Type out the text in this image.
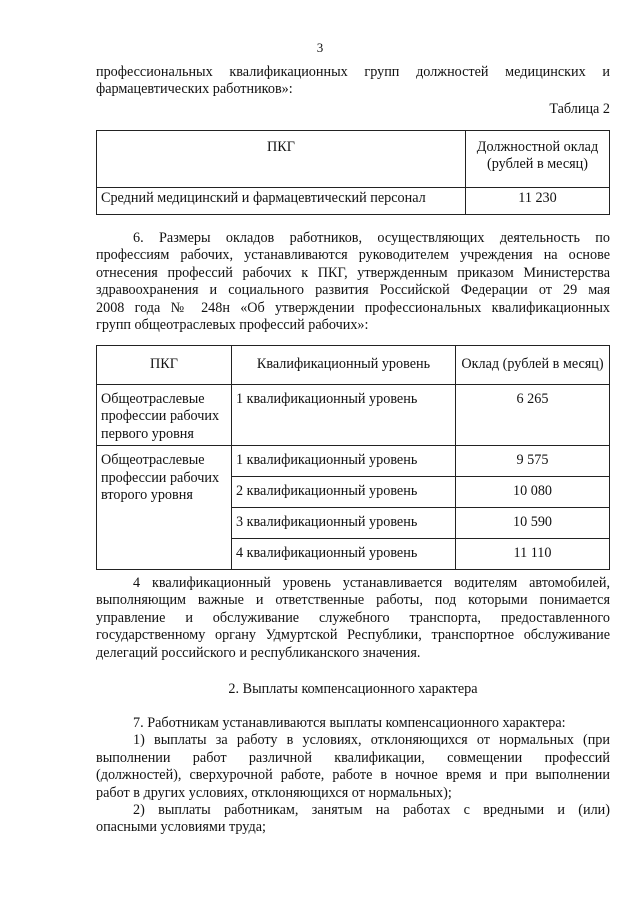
3
профессиональных квалификационных групп должностей медицинских и
фармацевтических работников»:
Таблица 2
ПКГ	Должностной оклад (рублей в месяц)
Средний медицинский и фармацевтический персонал	11 230
6. Размеры окладов работников, осуществляющих деятельность по
профессиям рабочих, устанавливаются руководителем учреждения на основе
отнесения профессий рабочих к ПКГ, утвержденным приказом Министерства
здравоохранения и социального развития Российской Федерации от 29 мая
2008 года № 248н «Об утверждении профессиональных квалификационных
групп общеотраслевых профессий рабочих»:
ПКГ	Квалификационный уровень	Оклад (рублей в месяц)
Общеотраслевые профессии рабочих первого уровня	1 квалификационный уровень	6 265
Общеотраслевые профессии рабочих второго уровня	1 квалификационный уровень	9 575
	2 квалификационный уровень	10 080
	3 квалификационный уровень	10 590
	4 квалификационный уровень	11 110
4 квалификационный уровень устанавливается водителям автомобилей,
выполняющим важные и ответственные работы, под которыми понимается
управление и обслуживание служебного транспорта, предоставленного
государственному органу Удмуртской Республики, транспортное обслуживание
делегаций российского и республиканского значения.
2. Выплаты компенсационного характера
7. Работникам устанавливаются выплаты компенсационного характера:
1) выплаты за работу в условиях, отклоняющихся от нормальных (при
выполнении работ различной квалификации, совмещении профессий
(должностей), сверхурочной работе, работе в ночное время и при выполнении
работ в других условиях, отклоняющихся от нормальных);
2) выплаты работникам, занятым на работах с вредными и (или)
опасными условиями труда;
